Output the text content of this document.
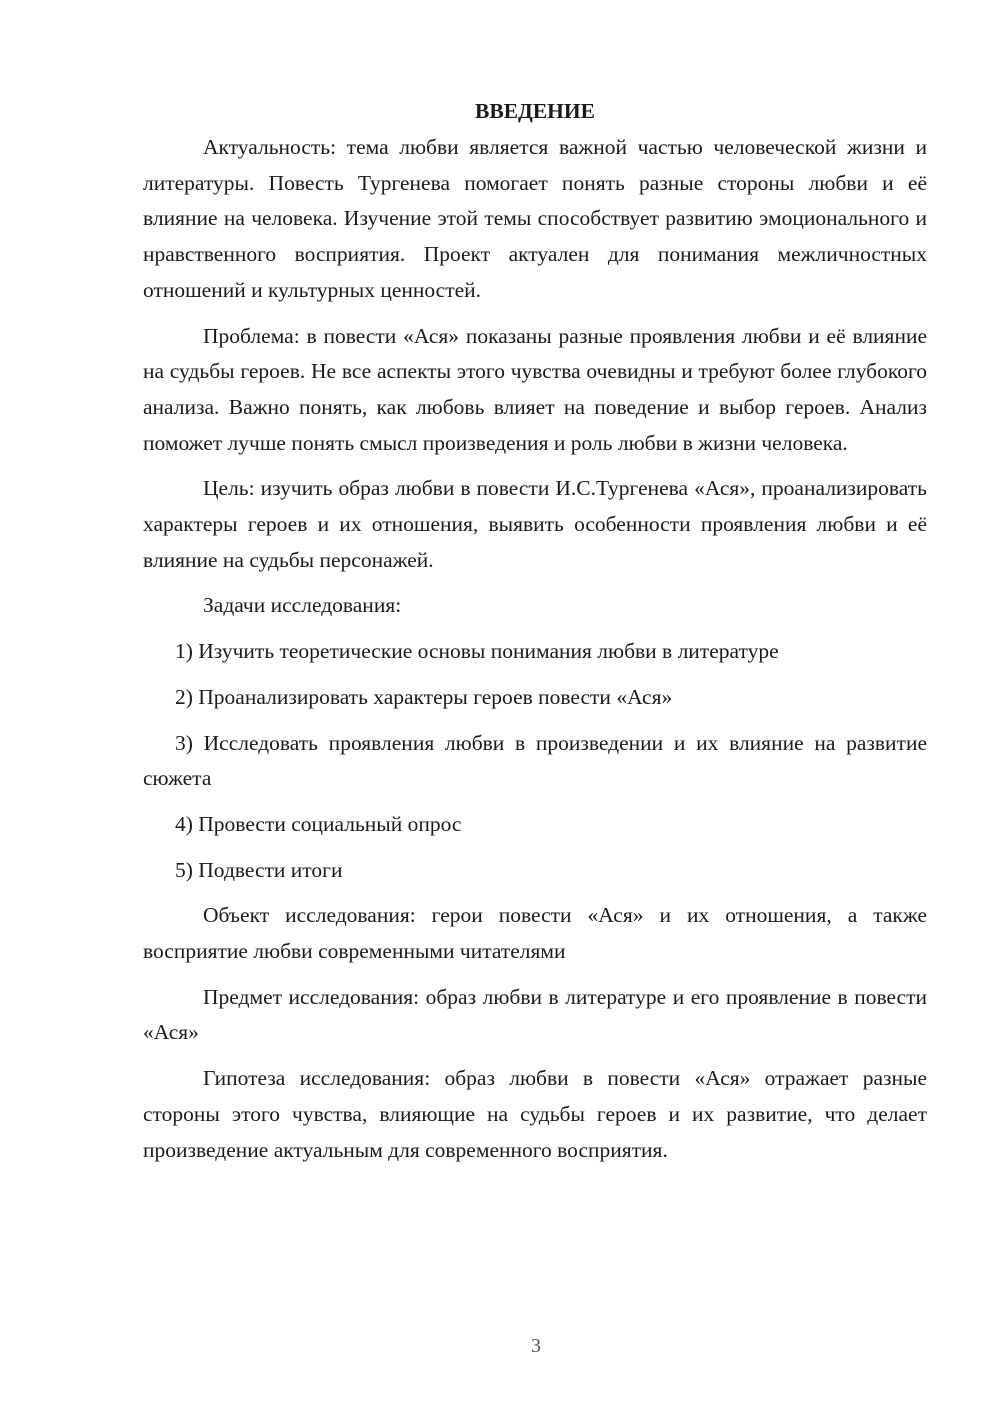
ВВЕДЕНИЕ

Актуальность: тема любви является важной частью человеческой жизни и литературы. Повесть Тургенева помогает понять разные стороны любви и её влияние на человека. Изучение этой темы способствует развитию эмоционального и нравственного восприятия. Проект актуален для понимания межличностных отношений и культурных ценностей.

Проблема: в повести «Ася» показаны разные проявления любви и её влияние на судьбы героев. Не все аспекты этого чувства очевидны и требуют более глубокого анализа. Важно понять, как любовь влияет на поведение и выбор героев. Анализ поможет лучше понять смысл произведения и роль любви в жизни человека.

Цель: изучить образ любви в повести И.С.Тургенева «Ася», проанализировать характеры героев и их отношения, выявить особенности проявления любви и её влияние на судьбы персонажей.

Задачи исследования:

1) Изучить теоретические основы понимания любви в литературе

2) Проанализировать характеры героев повести «Ася»

3) Исследовать проявления любви в произведении и их влияние на развитие сюжета

4) Провести социальный опрос

5) Подвести итоги

Объект исследования: герои повести «Ася» и их отношения, а также восприятие любви современными читателями

Предмет исследования: образ любви в литературе и его проявление в повести «Ася»

Гипотеза исследования: образ любви в повести «Ася» отражает разные стороны этого чувства, влияющие на судьбы героев и их развитие, что делает произведение актуальным для современного восприятия.

3
